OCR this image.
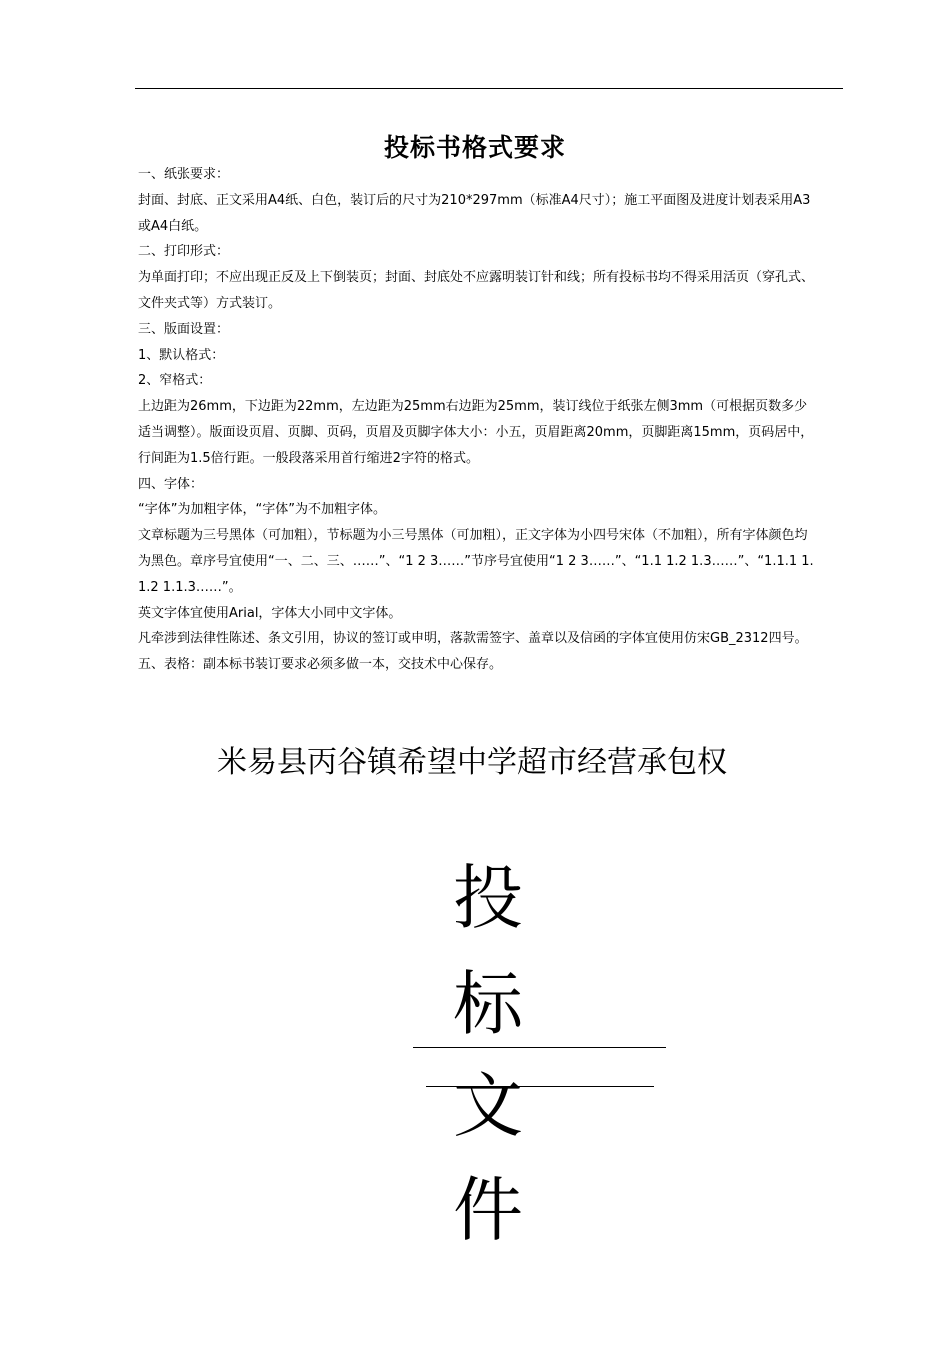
投标书格式要求

一、纸张要求：

封面、封底、正文采用A4纸、白色，装订后的尺寸为210*297mm（标准A4尺寸）；施工平面图及进度计划表采用A3或A4白纸。

二、打印形式：

为单面打印；不应出现正反及上下倒装页；封面、封底处不应露明装订针和线；所有投标书均不得采用活页（穿孔式、文件夹式等）方式装订。

三、版面设置：

1、默认格式：

2、窄格式：

上边距为26mm，下边距为22mm，左边距为25mm右边距为25mm，装订线位于纸张左侧3mm（可根据页数多少适当调整）。版面设页眉、页脚、页码，页眉及页脚字体大小：小五，页眉距离20mm，页脚距离15mm，页码居中，行间距为1.5倍行距。一般段落采用首行缩进2字符的格式。

四、字体：

“字体”为加粗字体，“字体”为不加粗字体。

文章标题为三号黑体（可加粗），节标题为小三号黑体（可加粗），正文字体为小四号宋体（不加粗），所有字体颜色均为黑色。章序号宜使用“一、二、三、……”、“1 2 3……”节序号宜使用“1 2 3……”、“1.1 1.2 1.3……”、“1.1.1 1.1.2 1.1.3……”。

英文字体宜使用Arial，字体大小同中文字体。

凡牵涉到法律性陈述、条文引用，协议的签订或申明，落款需签字、盖章以及信函的字体宜使用仿宋GB_2312四号。

五、表格：副本标书装订要求必须多做一本，交技术中心保存。

米易县丙谷镇希望中学超市经营承包权
投
标
文
件
